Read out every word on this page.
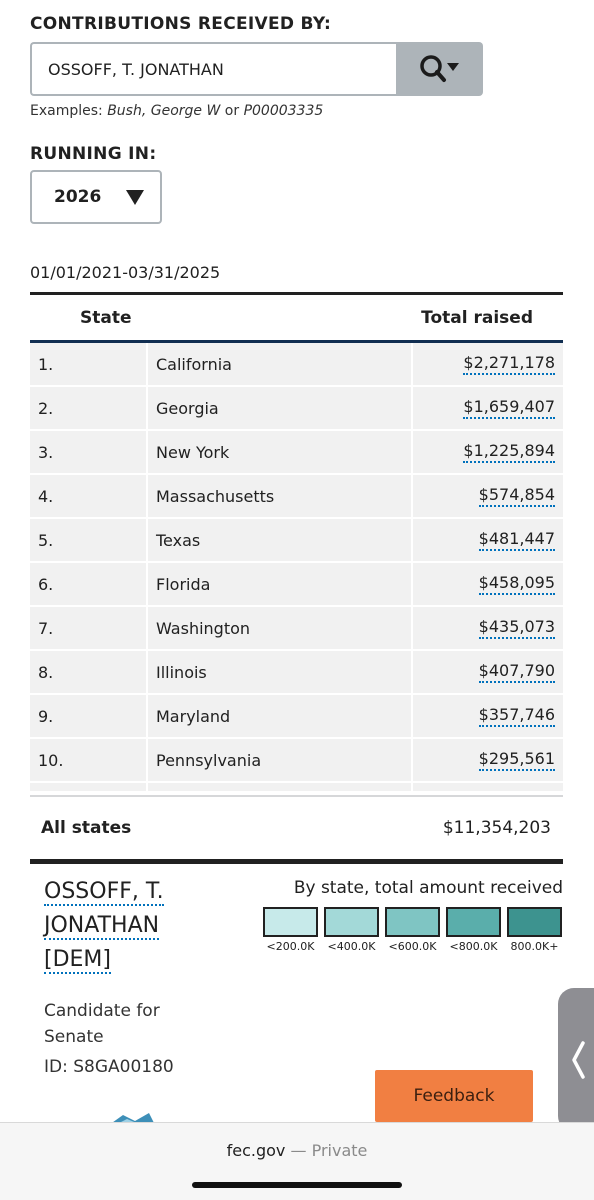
CONTRIBUTIONS RECEIVED BY:
OSSOFF, T. JONATHAN
Examples: Bush, George W or P00003335
RUNNING IN:
2026
01/01/2021-03/31/2025
State	Total raised
1.	California	$2,271,178
2.	Georgia	$1,659,407
3.	New York	$1,225,894
4.	Massachusetts	$574,854
5.	Texas	$481,447
6.	Florida	$458,095
7.	Washington	$435,073
8.	Illinois	$407,790
9.	Maryland	$357,746
10.	Pennsylvania	$295,561
All states	$11,354,203
OSSOFF, T.
JONATHAN
[DEM]
Candidate for Senate
ID: S8GA00180
By state, total amount received
<200.0K <400.0K <600.0K <800.0K 800.0K+
Feedback
fec.gov — Private
